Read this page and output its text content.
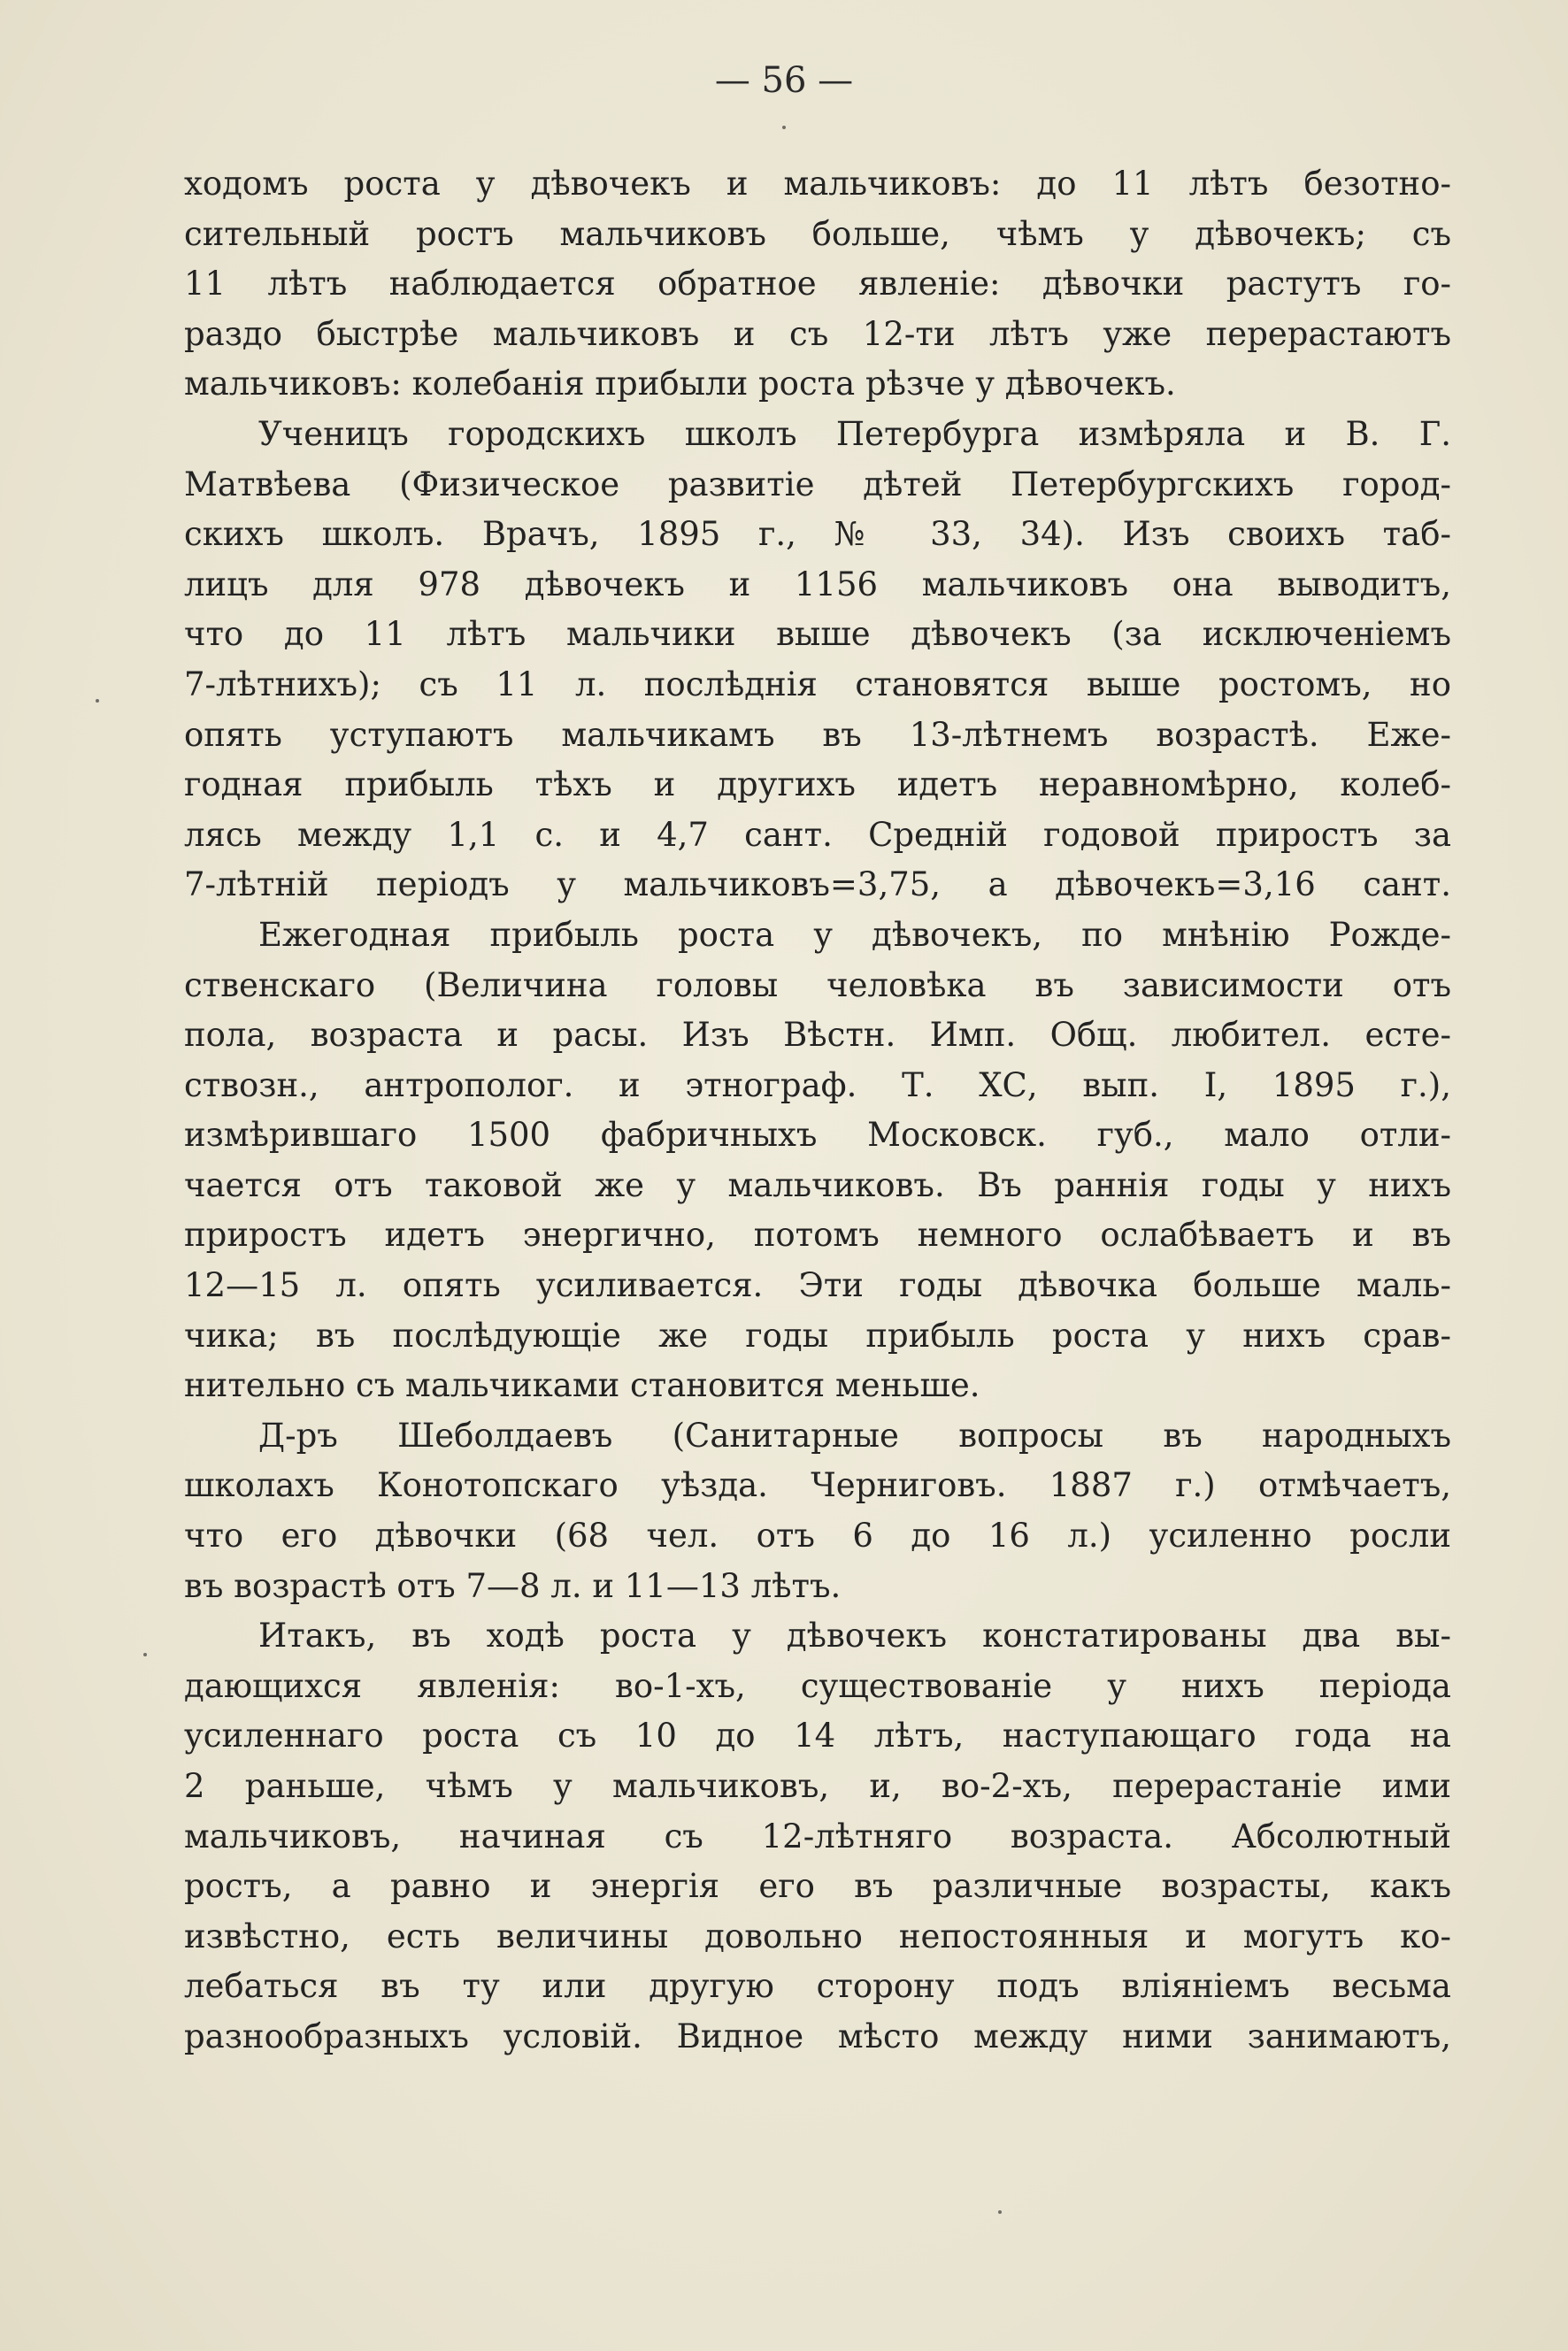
— 56 —
ходомъ роста у дѣвочекъ и мальчиковъ: до 11 лѣтъ безотно-
сительный ростъ мальчиковъ больше, чѣмъ у дѣвочекъ; съ
11 лѣтъ наблюдается обратное явленіе: дѣвочки растутъ го-
раздо быстрѣе мальчиковъ и съ 12-ти лѣтъ уже перерастаютъ
мальчиковъ: колебанія прибыли роста рѣзче у дѣвочекъ.
Ученицъ городскихъ школъ Петербурга измѣряла и В. Г.
Матвѣева (Физическое развитіе дѣтей Петербургскихъ город-
скихъ школъ. Врачъ, 1895 г., № 33, 34). Изъ своихъ таб-
лицъ для 978 дѣвочекъ и 1156 мальчиковъ она выводитъ,
что до 11 лѣтъ мальчики выше дѣвочекъ (за исключеніемъ
7-лѣтнихъ); съ 11 л. послѣднія становятся выше ростомъ, но
опять уступаютъ мальчикамъ въ 13-лѣтнемъ возрастѣ. Еже-
годная прибыль тѣхъ и другихъ идетъ неравномѣрно, колеб-
лясь между 1,1 с. и 4,7 сант. Средній годовой приростъ за
7-лѣтній періодъ у мальчиковъ=3,75, а дѣвочекъ=3,16 сант.
Ежегодная прибыль роста у дѣвочекъ, по мнѣнію Рожде-
ственскаго (Величина головы человѣка въ зависимости отъ
пола, возраста и расы. Изъ Вѣстн. Имп. Общ. любител. есте-
ствозн., антрополог. и этнограф. Т. ХС, вып. I, 1895 г.),
измѣрившаго 1500 фабричныхъ Московск. губ., мало отли-
чается отъ таковой же у мальчиковъ. Въ раннія годы у нихъ
приростъ идетъ энергично, потомъ немного ослабѣваетъ и въ
12—15 л. опять усиливается. Эти годы дѣвочка больше маль-
чика; въ послѣдующіе же годы прибыль роста у нихъ срав-
нительно съ мальчиками становится меньше.
Д-ръ Шеболдаевъ (Санитарные вопросы въ народныхъ
школахъ Конотопскаго уѣзда. Черниговъ. 1887 г.) отмѣчаетъ,
что его дѣвочки (68 чел. отъ 6 до 16 л.) усиленно росли
въ возрастѣ отъ 7—8 л. и 11—13 лѣтъ.
Итакъ, въ ходѣ роста у дѣвочекъ констатированы два вы-
дающихся явленія: во-1-хъ, существованіе у нихъ періода
усиленнаго роста съ 10 до 14 лѣтъ, наступающаго года на
2 раньше, чѣмъ у мальчиковъ, и, во-2-хъ, перерастаніе ими
мальчиковъ, начиная съ 12-лѣтняго возраста. Абсолютный
ростъ, а равно и энергія его въ различные возрасты, какъ
извѣстно, есть величины довольно непостоянныя и могутъ ко-
лебаться въ ту или другую сторону подъ вліяніемъ весьма
разнообразныхъ условій. Видное мѣсто между ними занимаютъ,
